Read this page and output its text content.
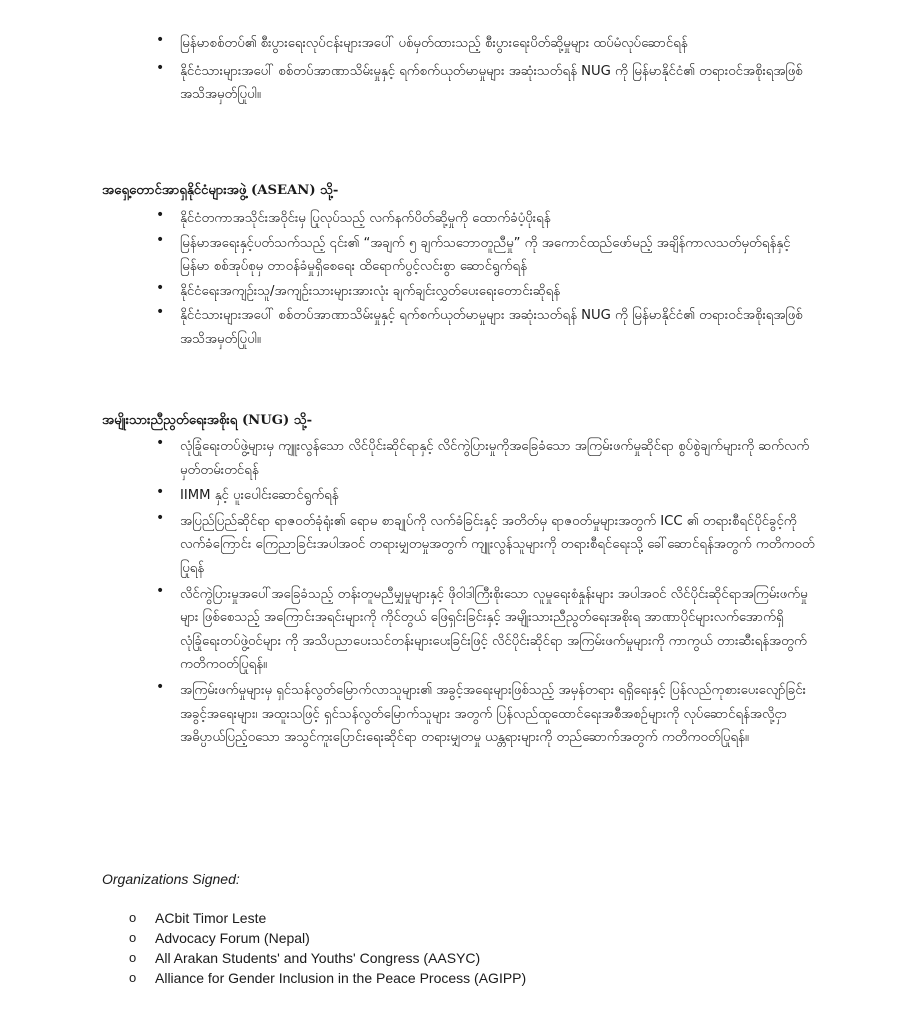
• မြန်မာစစ်တပ်၏ စီးပွားရေးလုပ်ငန်းများအပေါ် ပစ်မှတ်ထားသည့် စီးပွားရေးပိတ်ဆို့မှုများ ထပ်မံလုပ်ဆောင်ရန်
• နိုင်ငံသားများအပေါ် စစ်တပ်အာဏာသိမ်းမှုနှင့် ရက်စက်ယုတ်မာမှုများ အဆုံးသတ်ရန် NUG ကို မြန်မာနိုင်ငံ၏ တရားဝင်အစိုးရအဖြစ်အသိအမှတ်ပြုပါ။

အရှေ့တောင်အာရှနိုင်ငံများအဖွဲ့ (ASEAN) သို့-

• နိုင်ငံတကာအသိုင်းအဝိုင်းမှ ပြုလုပ်သည့် လက်နက်ပိတ်ဆို့မှုကို ထောက်ခံပံ့ပိုးရန်
• မြန်မာအရေးနှင့်ပတ်သက်သည့် ၎င်း၏ “အချက် ၅ ချက်သဘောတူညီမှု” ကို အကောင်ထည်ဖော်မည့် အချိန်ကာလသတ်မှတ်ရန်နှင့် မြန်မာ စစ်အုပ်စုမှ တာဝန်ခံမှုရှိစေရေး ထိရောက်ပွင့်လင်းစွာ ဆောင်ရွက်ရန်
• နိုင်ငံရေးအကျဉ်းသူ/အကျဉ်းသားများအားလုံး ချက်ချင်းလွှတ်ပေးရေးတောင်းဆိုရန်
• နိုင်ငံသားများအပေါ် စစ်တပ်အာဏာသိမ်းမှုနှင့် ရက်စက်ယုတ်မာမှုများ အဆုံးသတ်ရန် NUG ကို မြန်မာနိုင်ငံ၏ တရားဝင်အစိုးရအဖြစ်အသိအမှတ်ပြုပါ။

အမျိုးသားညီညွတ်ရေးအစိုးရ (NUG) သို့-

• လုံခြုံရေးတပ်ဖွဲ့များမှ ကျူးလွန်သော လိင်ပိုင်းဆိုင်ရာနှင့် လိင်ကွဲပြားမှုကိုအခြေခံသော အကြမ်းဖက်မှုဆိုင်ရာ စွပ်စွဲချက်များကို ဆက်လက်မှတ်တမ်းတင်ရန်
• IIMM နှင့် ပူးပေါင်းဆောင်ရွက်ရန်
• အပြည်ပြည်ဆိုင်ရာ ရာဇဝတ်ခုံရုံး၏ ရောမ စာချုပ်ကို လက်ခံခြင်းနှင့် အတိတ်မှ ရာဇဝတ်မှုများအတွက် ICC ၏ တရားစီရင်ပိုင်ခွင့်ကို လက်ခံကြောင်း ကြေညာခြင်းအပါအဝင် တရားမျှတမှုအတွက် ကျူးလွန်သူများကို တရားစီရင်ရေးသို့ ခေါ်ဆောင်ရန်အတွက် ကတိကဝတ်ပြုရန်
• လိင်ကွဲပြားမှုအပေါ်အခြေခံသည့် တန်းတူမညီမျှမှုများနှင့် ဖိုဝါဒါကြီးစိုးသော လူမှုရေးစံနှုန်းများ အပါအဝင် လိင်ပိုင်းဆိုင်ရာအကြမ်းဖက်မှုများ ဖြစ်စေသည့် အကြောင်းအရင်းများကို ကိုင်တွယ် ဖြေရှင်းခြင်းနှင့် အမျိုးသားညီညွတ်ရေးအစိုးရ အာဏာပိုင်များလက်အောက်ရှိ လုံခြုံရေးတပ်ဖွဲ့ဝင်များ ကို အသိပညာပေးသင်တန်းများပေးခြင်းဖြင့် လိင်ပိုင်းဆိုင်ရာ အကြမ်းဖက်မှုများကို ကာကွယ် တားဆီးရန်အတွက် ကတိကဝတ်ပြုရန်။
• အကြမ်းဖက်မှုများမှ ရှင်သန်လွတ်မြောက်လာသူများ၏ အခွင့်အရေးများဖြစ်သည့် အမှန်တရား ရရှိရေးနှင့် ပြန်လည်ကုစားပေးလျော်ခြင်း အခွင့်အရေးများ၊ အထူးသဖြင့် ရှင်သန်လွတ်မြောက်သူများ အတွက် ပြန်လည်ထူထောင်ရေးအစီအစဉ်များကို လုပ်ဆောင်ရန်အလို့ငှာ အဓိပ္ပာယ်ပြည့်ဝသော အသွင်ကူးပြောင်းရေးဆိုင်ရာ တရားမျှတမှု ယန္တရားများကို တည်ဆောက်အတွက် ကတိကဝတ်ပြုရန်။

Organizations Signed:

o ACbit Timor Leste
o Advocacy Forum (Nepal)
o All Arakan Students' and Youths' Congress (AASYC)
o Alliance for Gender Inclusion in the Peace Process (AGIPP)
